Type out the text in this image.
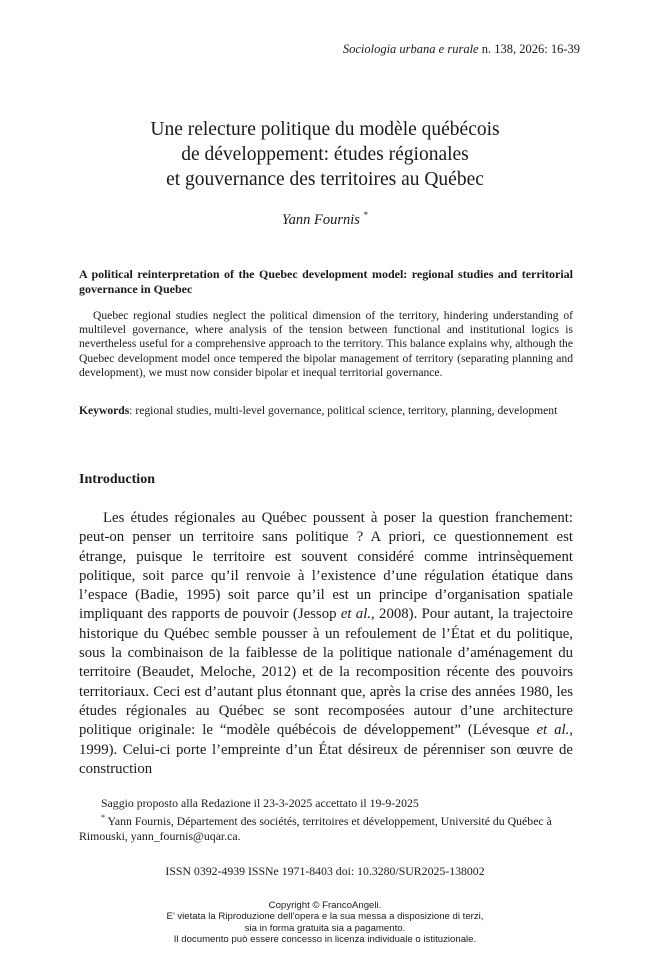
Sociologia urbana e rurale n. 138, 2026: 16-39
Une relecture politique du modèle québécois
de développement: études régionales
et gouvernance des territoires au Québec
Yann Fournis *
A political reinterpretation of the Quebec development model: regional studies and territorial governance in Quebec

Quebec regional studies neglect the political dimension of the territory, hindering understanding of multilevel governance, where analysis of the tension between functional and institutional logics is nevertheless useful for a comprehensive approach to the territory. This balance explains why, although the Quebec development model once tempered the bipolar management of territory (separating planning and development), we must now consider bipolar et inequal territorial governance.

Keywords: regional studies, multi-level governance, political science, territory, planning, development

Introduction

Les études régionales au Québec poussent à poser la question franchement: peut-on penser un territoire sans politique ? A priori, ce questionnement est étrange, puisque le territoire est souvent considéré comme intrinsèquement politique, soit parce qu’il renvoie à l’existence d’une régulation étatique dans l’espace (Badie, 1995) soit parce qu’il est un principe d’organisation spatiale impliquant des rapports de pouvoir (Jessop et al., 2008). Pour autant, la trajectoire historique du Québec semble pousser à un refoulement de l’État et du politique, sous la combinaison de la faiblesse de la politique nationale d’aménagement du territoire (Beaudet, Meloche, 2012) et de la recomposition récente des pouvoirs territoriaux. Ceci est d’autant plus étonnant que, après la crise des années 1980, les études régionales au Québec se sont recomposées autour d’une architecture politique originale: le “modèle québécois de développement” (Lévesque et al., 1999). Celui-ci porte l’empreinte d’un État désireux de pérenniser son œuvre de construction

Saggio proposto alla Redazione il 23-3-2025 accettato il 19-9-2025

* Yann Fournis, Département des sociétés, territoires et développement, Université du Québec à Rimouski, yann_fournis@uqar.ca.

ISSN 0392-4939 ISSNe 1971-8403 doi: 10.3280/SUR2025-138002
Copyright © FrancoAngeli.
E’ vietata la Riproduzione dell’opera e la sua messa a disposizione di terzi,
sia in forma gratuita sia a pagamento.
Il documento può essere concesso in licenza individuale o istituzionale.
